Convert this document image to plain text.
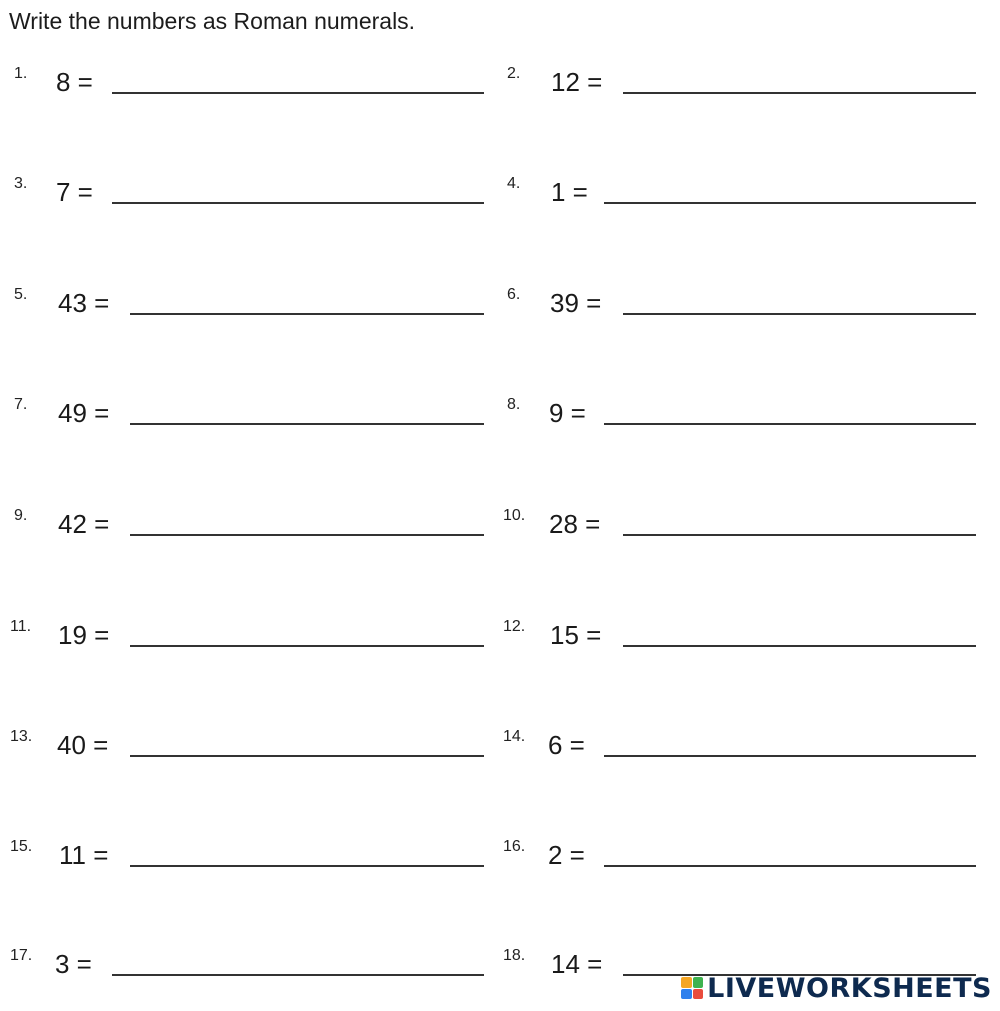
Write the numbers as Roman numerals.
1. 8 =	2. 12 =
3. 7 =	4. 1 =
5. 43 =	6. 39 =
7. 49 =	8. 9 =
9. 42 =	10. 28 =
11. 19 =	12. 15 =
13. 40 =	14. 6 =
15. 11 =	16. 2 =
17. 3 =	18. 14 =
LIVEWORKSHEETS
